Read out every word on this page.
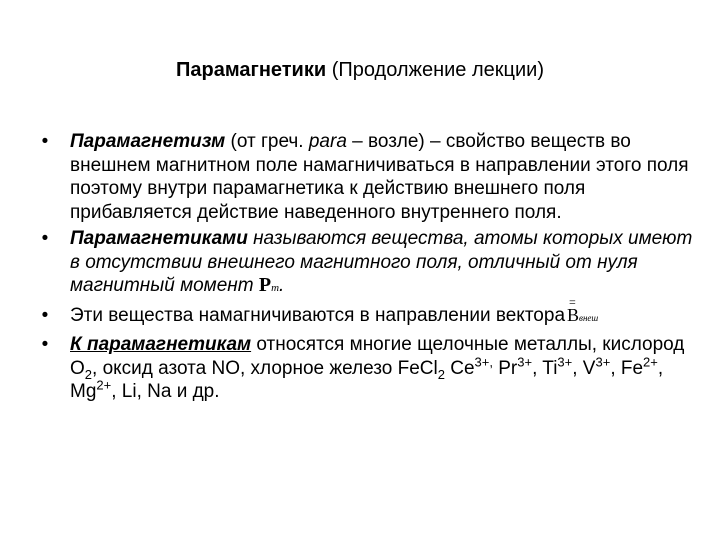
Парамагнетики (Продолжение лекции)
• Парамагнетизм (от греч. para – возле) – свойство веществ во внешнем магнитном поле намагничиваться в направлении этого поля поэтому внутри парамагнетика к действию внешнего поля прибавляется действие наведенного внутреннего поля.
• Парамагнетиками называются вещества, атомы которых имеют в отсутствии внешнего магнитного поля, отличный от нуля магнитный момент Pm.
• Эти вещества намагничиваются в направлении вектора
=
Bвнеш
• К парамагнетикам относятся многие щелочные металлы, кислород $О_2$, оксид азота NO, хлорное железо FeCl$_2$ $Ce^{3+,}$ $Pr^{3+}$, $Ti^{3+}$, $V^{3+}$, $Fe^{2+}$, $Mg^{2+}$, Li, Na и др.
